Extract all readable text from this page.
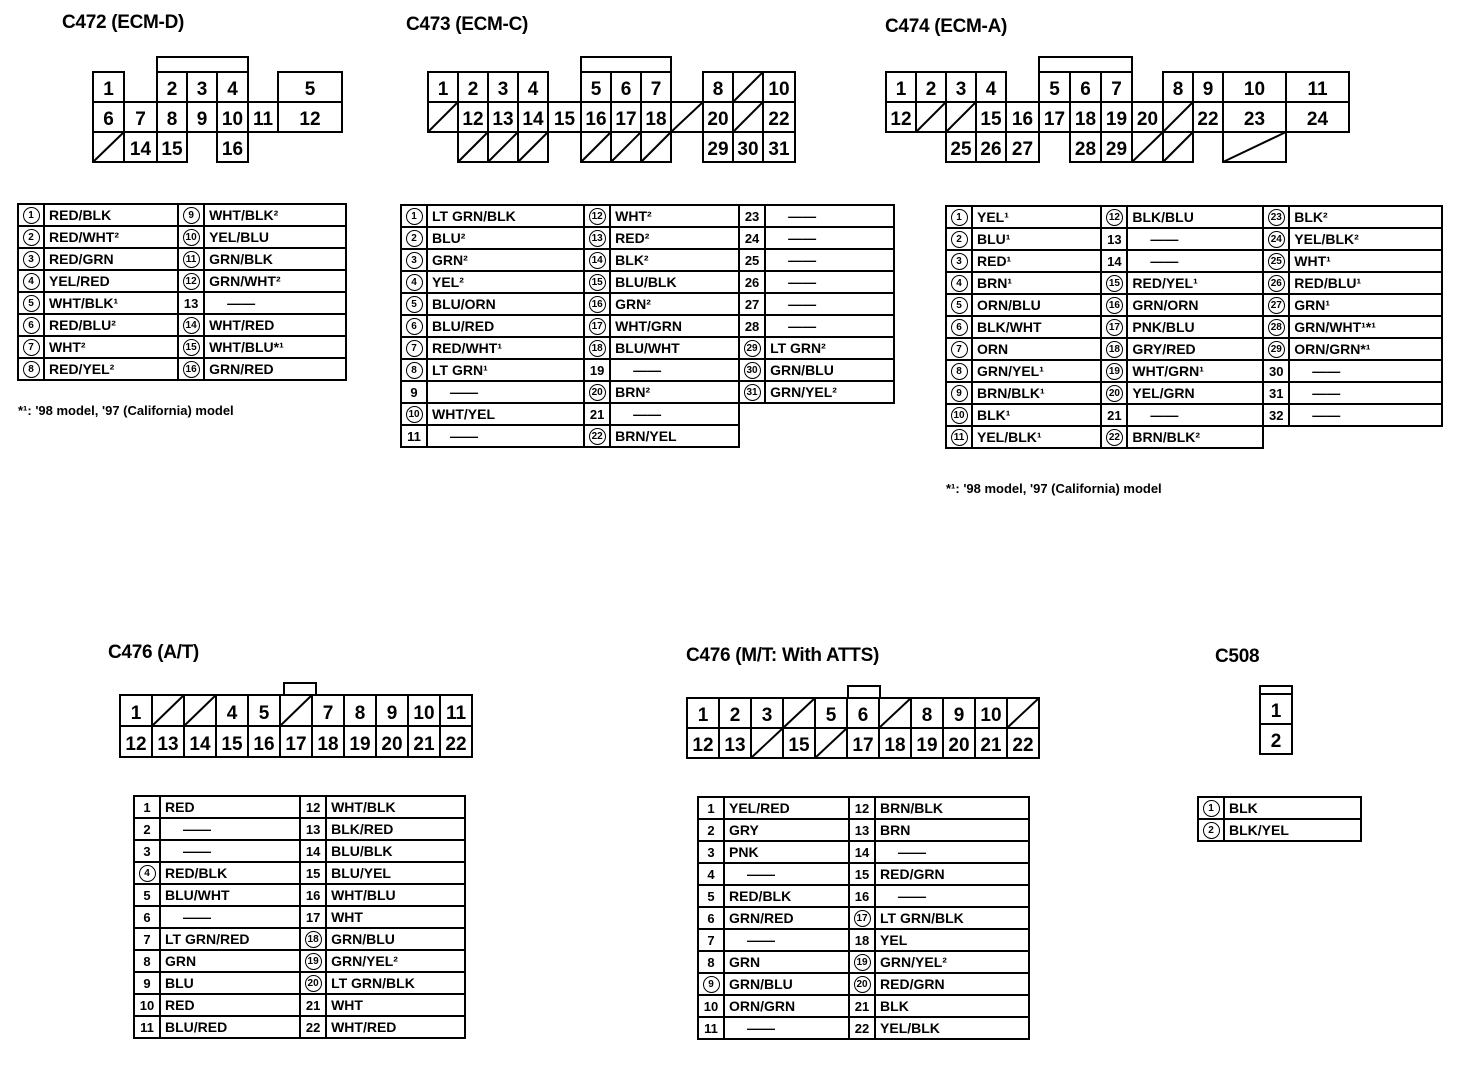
C472 (ECM-D)	C473 (ECM-C)	C474 (ECM-A)
C476 (A/T)	C476 (M/T: With ATTS)	C508
1	2 3 4	5
6 7 8 9 10 11 12
14 15 16
1 2 3 4	5 6 7	8 10
12 13 14 15 16 17 18 20 22
29 30 31
1 2 3 4	5 6 7	8 9 10 11
12	15 16 17 18 19 20 22 23 24
25 26 27 28 29
1	4 5	7 8 9 10 11
12 13 14 15 16 17 18 19 20 21 22
1 2 3	5 6	8 9 10
12 13 15 17 18 19 20 21 22
1
2
1	RED/BLK	9	WHT/BLK²
2	RED/WHT²	10	YEL/BLU
3	RED/GRN	11	GRN/BLK
4	YEL/RED	12	GRN/WHT²
5	WHT/BLK¹	13	——
6	RED/BLU²	14	WHT/RED
7	WHT²	15	WHT/BLU*¹
8	RED/YEL²	16	GRN/RED
*¹: '98 model, '97 (California) model
1	LT GRN/BLK	12	WHT²	23	——
2	BLU²	13	RED²	24	——
3	GRN²	14	BLK²	25	——
4	YEL²	15	BLU/BLK	26	——
5	BLU/ORN	16	GRN²	27	——
6	BLU/RED	17	WHT/GRN	28	——
7	RED/WHT¹	18	BLU/WHT	29	LT GRN²
8	LT GRN¹	19	——	30	GRN/BLU
9	——	20	BRN²	31	GRN/YEL²
10	WHT/YEL	21	——		
11	——	22	BRN/YEL		
1	YEL¹	12	BLK/BLU	23	BLK²
2	BLU¹	13	——	24	YEL/BLK²
3	RED¹	14	——	25	WHT¹
4	BRN¹	15	RED/YEL¹	26	RED/BLU¹
5	ORN/BLU	16	GRN/ORN	27	GRN¹
6	BLK/WHT	17	PNK/BLU	28	GRN/WHT¹*¹
7	ORN	18	GRY/RED	29	ORN/GRN*¹
8	GRN/YEL¹	19	WHT/GRN¹	30	——
9	BRN/BLK¹	20	YEL/GRN	31	——
10	BLK¹	21	——	32	——
11	YEL/BLK¹	22	BRN/BLK²		
*¹: '98 model, '97 (California) model
1	RED	12	WHT/BLK
2	——	13	BLK/RED
3	——	14	BLU/BLK
4	RED/BLK	15	BLU/YEL
5	BLU/WHT	16	WHT/BLU
6	——	17	WHT
7	LT GRN/RED	18	GRN/BLU
8	GRN	19	GRN/YEL²
9	BLU	20	LT GRN/BLK
10	RED	21	WHT
11	BLU/RED	22	WHT/RED
1	YEL/RED	12	BRN/BLK
2	GRY	13	BRN
3	PNK	14	——
4	——	15	RED/GRN
5	RED/BLK	16	——
6	GRN/RED	17	LT GRN/BLK
7	——	18	YEL
8	GRN	19	GRN/YEL²
9	GRN/BLU	20	RED/GRN
10	ORN/GRN	21	BLK
11	——	22	YEL/BLK
1	BLK
2	BLK/YEL
